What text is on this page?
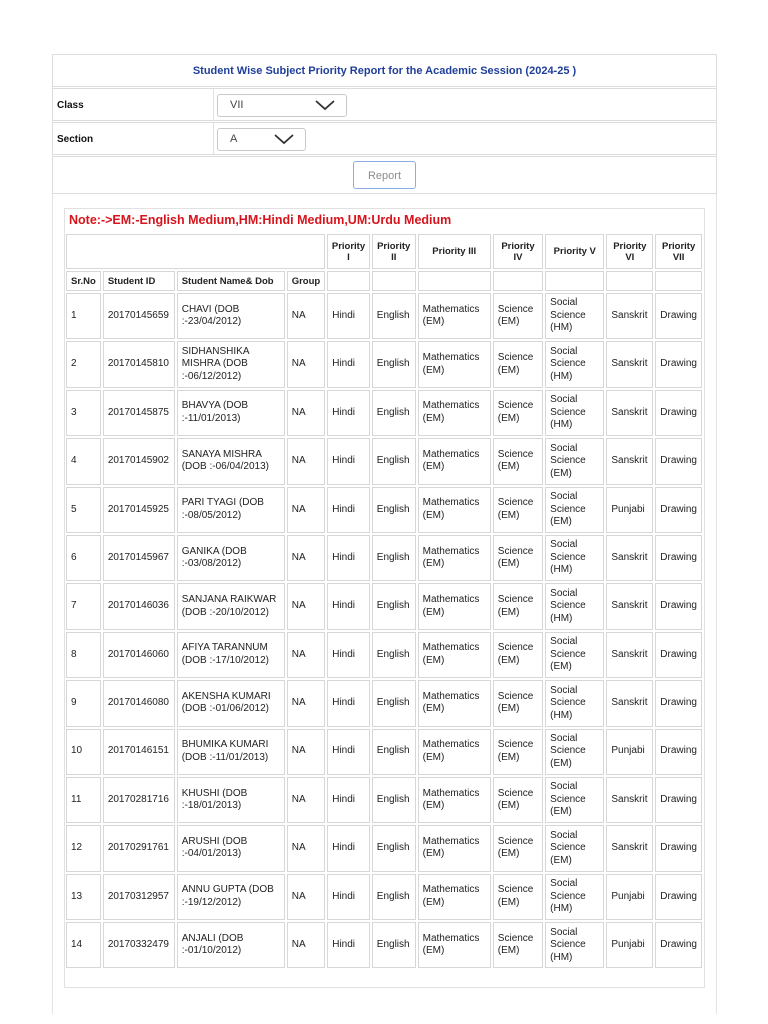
Student Wise Subject Priority Report for the Academic Session (2024-25 )
Class	VII
Section	A
Report
Note:->EM:-English Medium,HM:Hindi Medium,UM:Urdu Medium
				Priority I	Priority II	Priority III	Priority IV	Priority V	Priority VI	Priority VII
Sr.No	Student ID	Student Name& Dob	Group							
1	20170145659	CHAVI (DOB :-23/04/2012)	NA	Hindi	English	Mathematics (EM)	Science (EM)	Social Science (HM)	Sanskrit	Drawing
2	20170145810	SIDHANSHIKA MISHRA (DOB :-06/12/2012)	NA	Hindi	English	Mathematics (EM)	Science (EM)	Social Science (HM)	Sanskrit	Drawing
3	20170145875	BHAVYA (DOB :-11/01/2013)	NA	Hindi	English	Mathematics (EM)	Science (EM)	Social Science (HM)	Sanskrit	Drawing
4	20170145902	SANAYA MISHRA (DOB :-06/04/2013)	NA	Hindi	English	Mathematics (EM)	Science (EM)	Social Science (EM)	Sanskrit	Drawing
5	20170145925	PARI TYAGI (DOB :-08/05/2012)	NA	Hindi	English	Mathematics (EM)	Science (EM)	Social Science (EM)	Punjabi	Drawing
6	20170145967	GANIKA (DOB :-03/08/2012)	NA	Hindi	English	Mathematics (EM)	Science (EM)	Social Science (HM)	Sanskrit	Drawing
7	20170146036	SANJANA RAIKWAR (DOB :-20/10/2012)	NA	Hindi	English	Mathematics (EM)	Science (EM)	Social Science (HM)	Sanskrit	Drawing
8	20170146060	AFIYA TARANNUM (DOB :-17/10/2012)	NA	Hindi	English	Mathematics (EM)	Science (EM)	Social Science (EM)	Sanskrit	Drawing
9	20170146080	AKENSHA KUMARI (DOB :-01/06/2012)	NA	Hindi	English	Mathematics (EM)	Science (EM)	Social Science (HM)	Sanskrit	Drawing
10	20170146151	BHUMIKA KUMARI (DOB :-11/01/2013)	NA	Hindi	English	Mathematics (EM)	Science (EM)	Social Science (EM)	Punjabi	Drawing
11	20170281716	KHUSHI (DOB :-18/01/2013)	NA	Hindi	English	Mathematics (EM)	Science (EM)	Social Science (EM)	Sanskrit	Drawing
12	20170291761	ARUSHI (DOB :-04/01/2013)	NA	Hindi	English	Mathematics (EM)	Science (EM)	Social Science (EM)	Sanskrit	Drawing
13	20170312957	ANNU GUPTA (DOB :-19/12/2012)	NA	Hindi	English	Mathematics (EM)	Science (EM)	Social Science (HM)	Punjabi	Drawing
14	20170332479	ANJALI (DOB :-01/10/2012)	NA	Hindi	English	Mathematics (EM)	Science (EM)	Social Science (HM)	Punjabi	Drawing
